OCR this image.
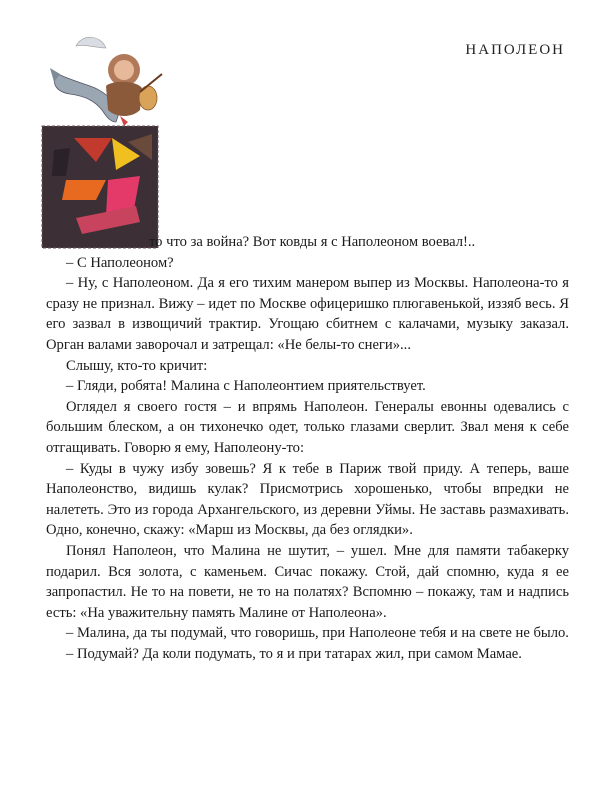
НАПОЛЕОН

то что за война? Вот ковды я с Наполеоном воевал!..

– С Наполеоном?

– Ну, с Наполеоном. Да я его тихим манером выпер из Москвы. Наполеона-то я сразу не признал. Вижу – идет по Москве офицеришко плюгавенькой, иззяб весь. Я его зазвал в извощичий трактир. Угощаю сбитнем с калачами, музыку заказал. Орган валами заворочал и затрещал: «Не белы-то снеги»...

Слышу, кто-то кричит:

– Гляди, робята! Малина с Наполеонтием приятельствует.

Оглядел я своего гостя – и впрямь Наполеон. Генералы евонны одевались с большим блеском, а он тихонечко одет, только глазами сверлит. Звал меня к себе отгащивать. Говорю я ему, Наполеону-то:

– Куды в чужу избу зовешь? Я к тебе в Париж твой приду. А теперь, ваше Наполеонство, видишь кулак? Присмотрись хорошенько, чтобы впредки не налететь. Это из города Архангельского, из деревни Уймы. Не заставь размахивать. Одно, конечно, скажу: «Марш из Москвы, да без оглядки».

Понял Наполеон, что Малина не шутит, – ушел. Мне для памяти табакерку подарил. Вся золота, с каменьем. Сичас покажу. Стой, дай спомню, куда я ее запропастил. Не то на повети, не то на полатях? Вспомню – покажу, там и надпись есть: «На уважительну память Малине от Наполеона».

– Малина, да ты подумай, что говоришь, при Наполеоне тебя и на свете не было.

– Подумай? Да коли подумать, то я и при татарах жил, при самом Мамае.
